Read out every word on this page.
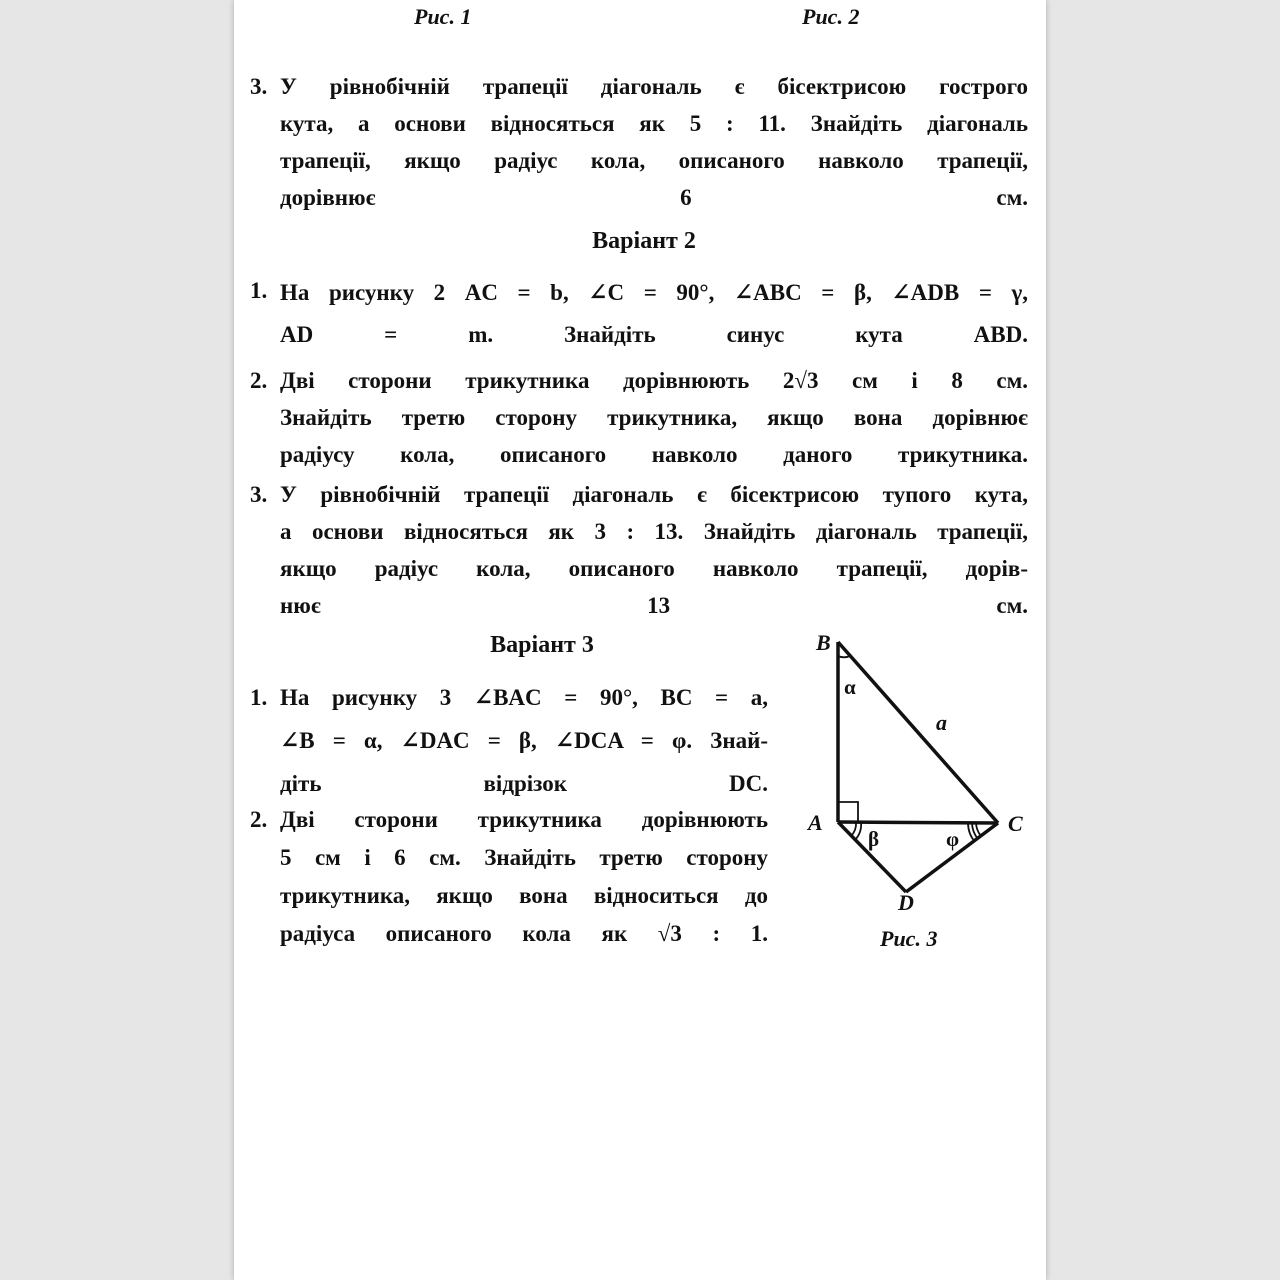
Рис. 1	Рис. 2
3. У рівнобічній трапеції діагональ є бісектрисою гострого
кута, а основи відносяться як 5 : 11. Знайдіть діагональ
трапеції, якщо радіус кола, описаного навколо трапеції,
дорівнює 6 см.
Варіант 2
1. На рисунку 2 AC = b, ∠C = 90°, ∠ABC = β, ∠ADB = γ,
AD = m. Знайдіть синус кута ABD.
2. Дві сторони трикутника дорівнюють 2√3 см і 8 см.
Знайдіть третю сторону трикутника, якщо вона дорівнює
радіусу кола, описаного навколо даного трикутника.
3. У рівнобічній трапеції діагональ є бісектрисою тупого кута,
а основи відносяться як 3 : 13. Знайдіть діагональ трапеції,
якщо радіус кола, описаного навколо трапеції, дорів-
нює 13 см.
Варіант 3
1. На рисунку 3 ∠BAC = 90°, BC = a,
∠B = α, ∠DAC = β, ∠DCA = φ. Знай-
діть відрізок DC.
2. Дві сторони трикутника дорівнюють
5 см і 6 см. Знайдіть третю сторону
трикутника, якщо вона відноситься до
радіуса описаного кола як √3 : 1.
B
A	C
D
a
α
β	φ
Рис. 3
